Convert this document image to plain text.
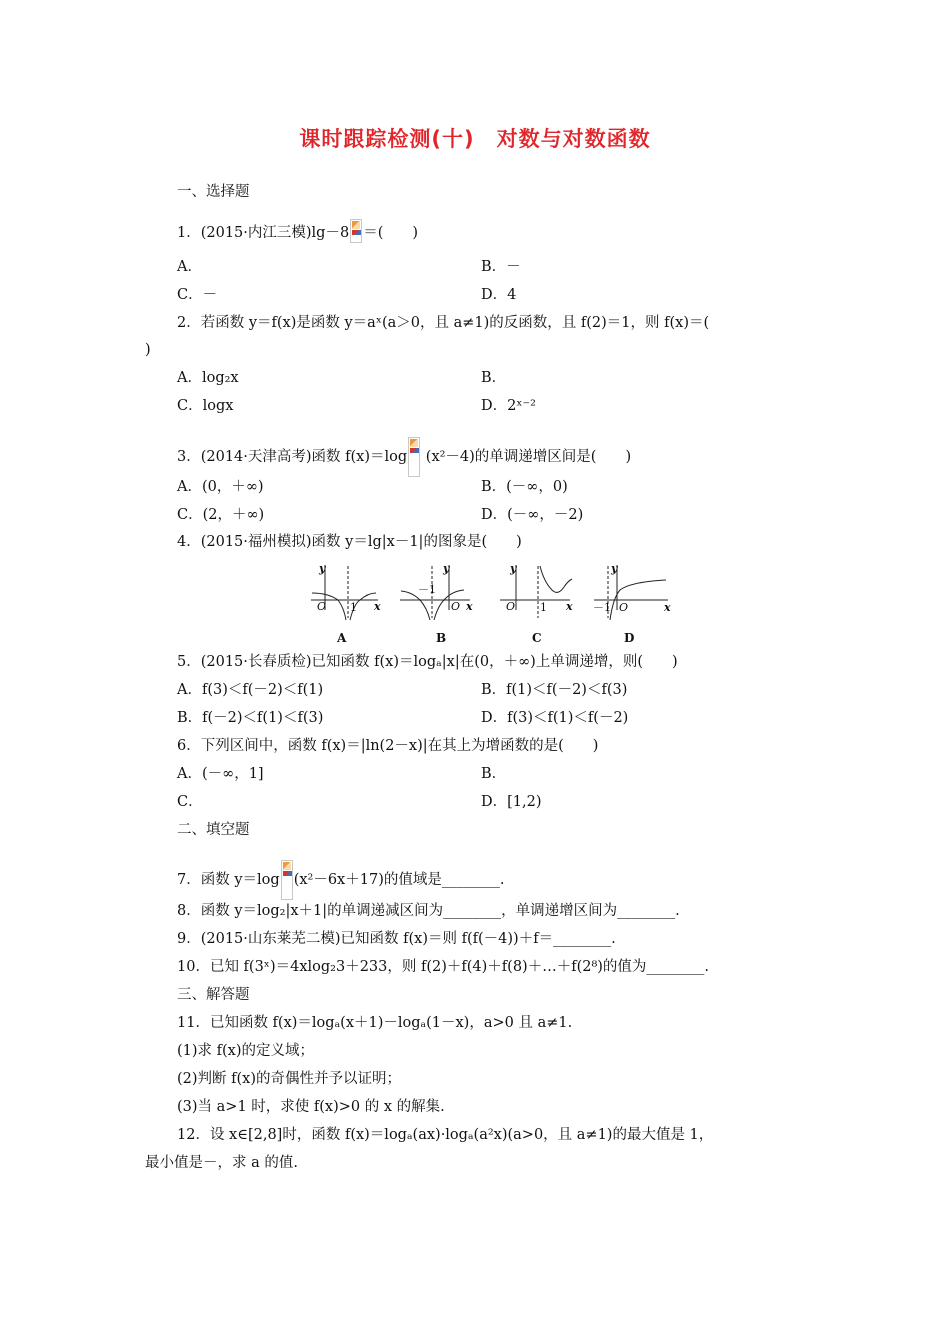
课时跟踪检测(十)　对数与对数函数
一、选择题
1．(2015·内江三模)lg－8 ＝(　　)
A．	B．－
C．－	D．4
2．若函数 y＝f(x)是函数 y＝aˣ(a＞0，且 a≠1)的反函数，且 f(2)＝1，则 f(x)＝(
)
A．log₂x	B．
C．logx	D．2ˣ⁻²
3．(2014·天津高考)函数 f(x)＝log (x²－4)的单调递增区间是(　　)
A．(0，＋∞)	B．(－∞，0)
C．(2，＋∞)	D．(－∞，－2)
4．(2015·福州模拟)函数 y＝lg|x－1|的图象是(　　)
y
x
O 1
A
y
x
O
－1
B
y
x
O 1
C
y
x
O
－1
D
5．(2015·长春质检)已知函数 f(x)＝logₐ|x|在(0，＋∞)上单调递增，则(　　)
A．f(3)＜f(－2)＜f(1)	B．f(1)＜f(－2)＜f(3)
B．f(－2)＜f(1)＜f(3)	D．f(3)＜f(1)＜f(－2)
6．下列区间中，函数 f(x)＝|ln(2－x)|在其上为增函数的是(　　)
A．(－∞，1]	B．
C．	D．[1,2)
二、填空题
7．函数 y＝log (x²－6x＋17)的值域是________.
8．函数 y＝log₂|x＋1|的单调递减区间为________，单调递增区间为________.
9．(2015·山东莱芜二模)已知函数 f(x)＝则 f(f(－4))＋f＝________.
10．已知 f(3ˣ)＝4xlog₂3＋233，则 f(2)＋f(4)＋f(8)＋…＋f(2⁸)的值为________.
三、解答题
11．已知函数 f(x)＝logₐ(x＋1)－logₐ(1－x)，a>0 且 a≠1.
(1)求 f(x)的定义域；
(2)判断 f(x)的奇偶性并予以证明；
(3)当 a>1 时，求使 f(x)>0 的 x 的解集.
12．设 x∈[2,8]时，函数 f(x)＝logₐ(ax)·logₐ(a²x)(a>0，且 a≠1)的最大值是 1，
最小值是－，求 a 的值.
